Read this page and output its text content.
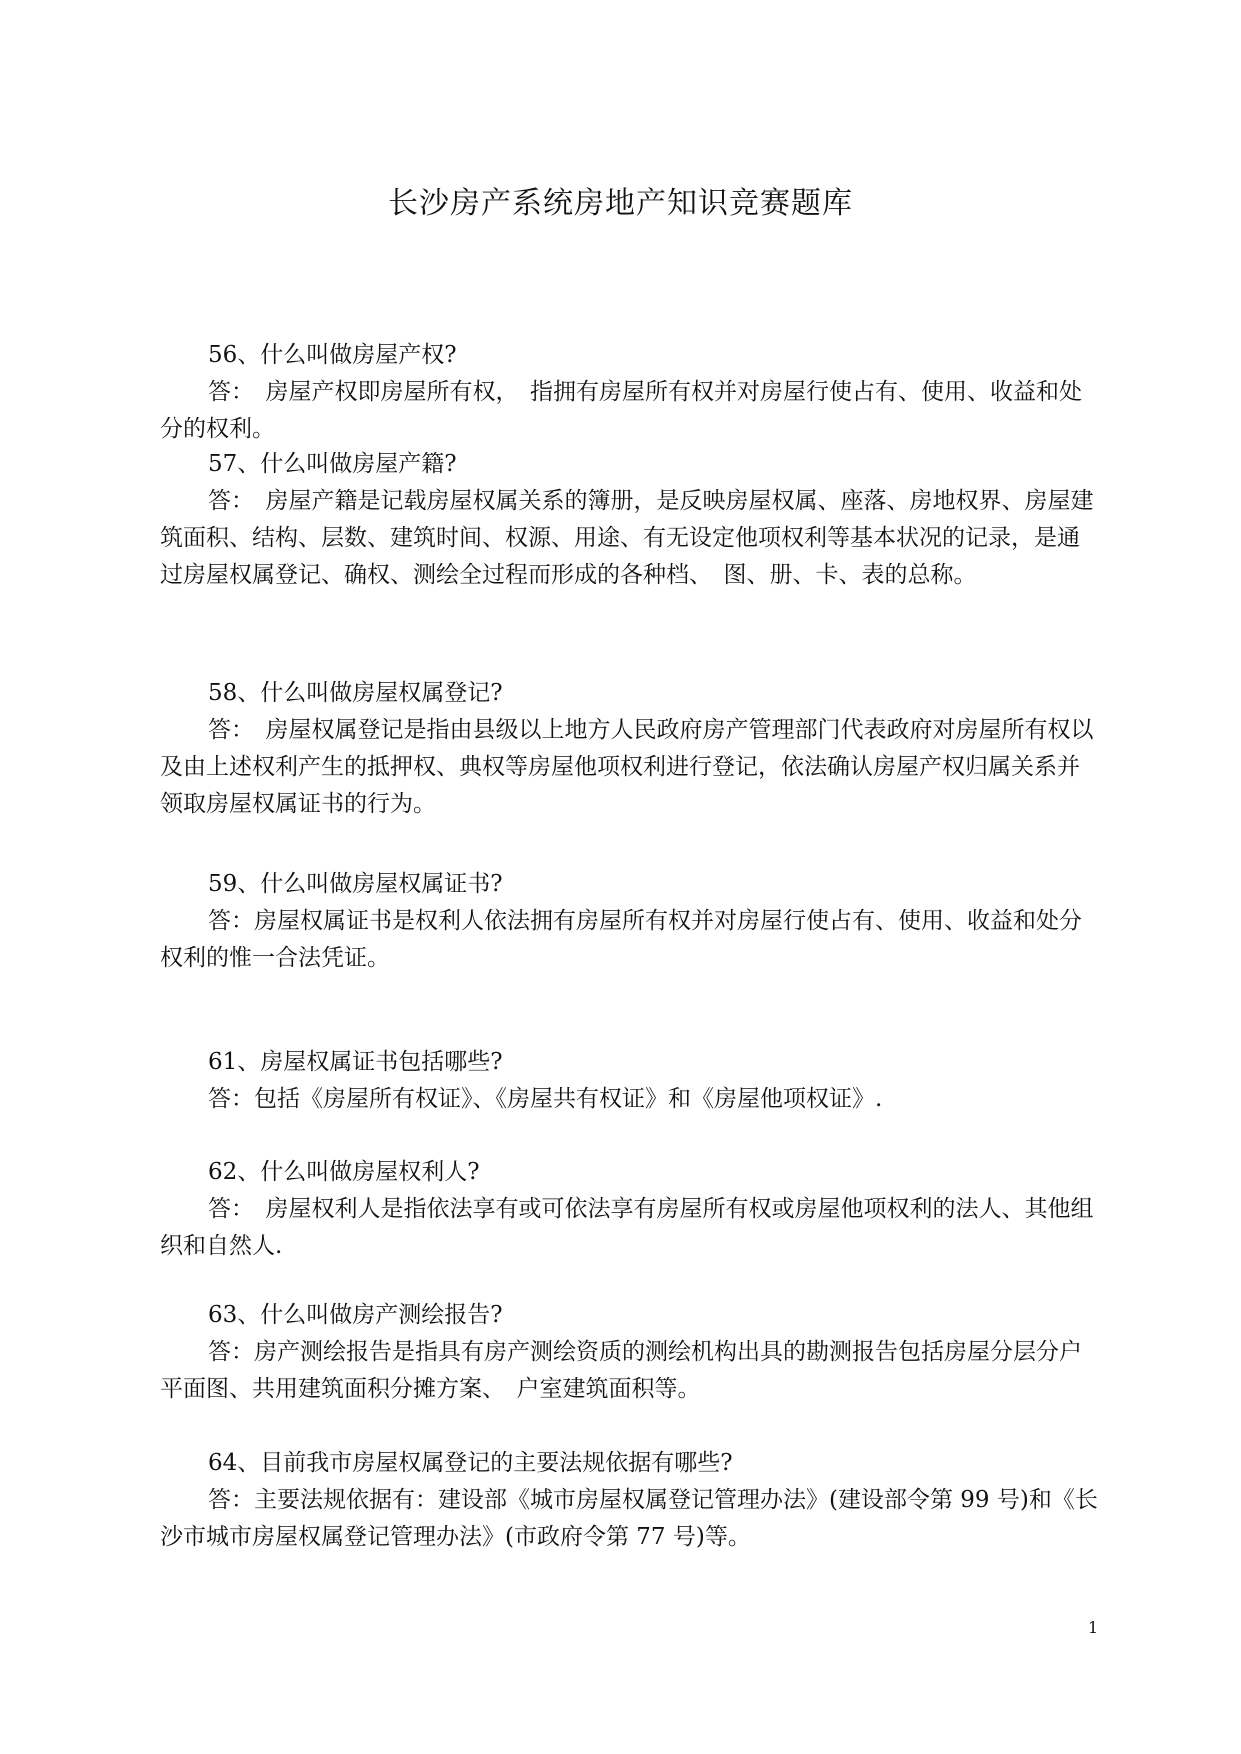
长沙房产系统房地产知识竞赛题库
56、什么叫做房屋产权?
答：　房屋产权即房屋所有权，　指拥有房屋所有权并对房屋行使占有、使用、收益和处分的权利。
57、什么叫做房屋产籍?
答：　房屋产籍是记载房屋权属关系的簿册，是反映房屋权属、座落、房地权界、房屋建筑面积、结构、层数、建筑时间、权源、用途、有无设定他项权利等基本状况的记录，是通过房屋权属登记、确权、测绘全过程而形成的各种档、　图、册、卡、表的总称。
58、什么叫做房屋权属登记?
答：　房屋权属登记是指由县级以上地方人民政府房产管理部门代表政府对房屋所有权以及由上述权利产生的抵押权、典权等房屋他项权利进行登记，依法确认房屋产权归属关系并领取房屋权属证书的行为。
59、什么叫做房屋权属证书?
答：房屋权属证书是权利人依法拥有房屋所有权并对房屋行使占有、使用、收益和处分权利的惟一合法凭证。
61、房屋权属证书包括哪些?
答：包括《房屋所有权证》、《房屋共有权证》和《房屋他项权证》.
62、什么叫做房屋权利人?
答：　房屋权利人是指依法享有或可依法享有房屋所有权或房屋他项权利的法人、其他组织和自然人.
63、什么叫做房产测绘报告?
答：房产测绘报告是指具有房产测绘资质的测绘机构出具的勘测报告包括房屋分层分户平面图、共用建筑面积分摊方案、　户室建筑面积等。
64、目前我市房屋权属登记的主要法规依据有哪些?
答：主要法规依据有：建设部《城市房屋权属登记管理办法》(建设部令第 99 号)和《长沙市城市房屋权属登记管理办法》(市政府令第 77 号)等。
1
